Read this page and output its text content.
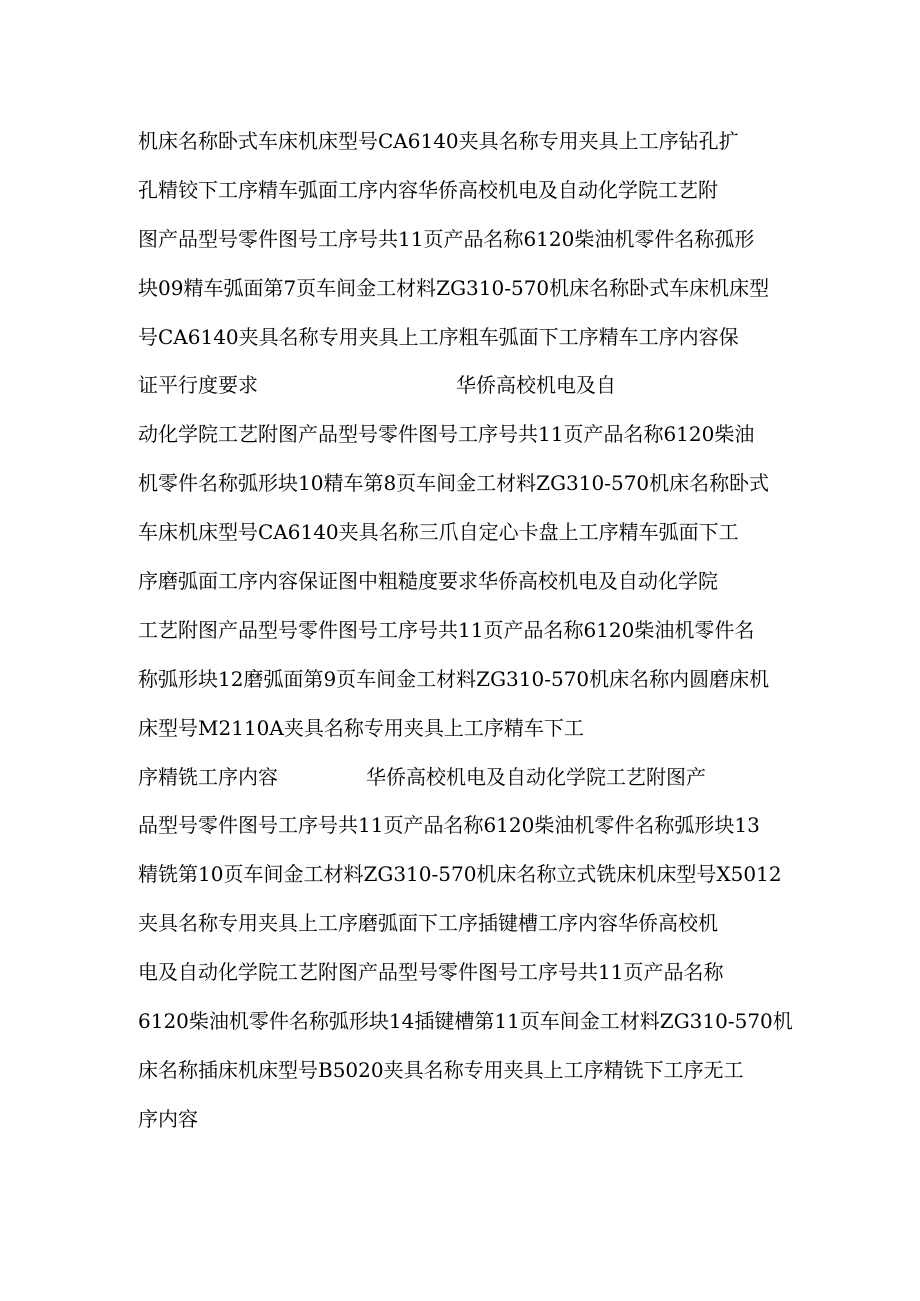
机床名称卧式车床机床型号CA6140夹具名称专用夹具上工序钻孔扩
孔精铰下工序精车弧面工序内容华侨高校机电及自动化学院工艺附
图产品型号零件图号工序号共11页产品名称6120柴油机零件名称孤形
块09精车弧面第7页车间金工材料ZG310-570机床名称卧式车床机床型
号CA6140夹具名称专用夹具上工序粗车弧面下工序精车工序内容保
证平行度要求	华侨高校机电及自
动化学院工艺附图产品型号零件图号工序号共11页产品名称6120柴油
机零件名称弧形块10精车第8页车间金工材料ZG310-570机床名称卧式
车床机床型号CA6140夹具名称三爪自定心卡盘上工序精车弧面下工
序磨弧面工序内容保证图中粗糙度要求华侨高校机电及自动化学院
工艺附图产品型号零件图号工序号共11页产品名称6120柴油机零件名
称弧形块12磨弧面第9页车间金工材料ZG310-570机床名称内圆磨床机
床型号M2110A夹具名称专用夹具上工序精车下工
序精铣工序内容	华侨高校机电及自动化学院工艺附图产
品型号零件图号工序号共11页产品名称6120柴油机零件名称弧形块13
精铣第10页车间金工材料ZG310-570机床名称立式铣床机床型号X5012
夹具名称专用夹具上工序磨弧面下工序插键槽工序内容华侨高校机
电及自动化学院工艺附图产品型号零件图号工序号共11页产品名称
6120柴油机零件名称弧形块14插键槽第11页车间金工材料ZG310-570机
床名称插床机床型号B5020夹具名称专用夹具上工序精铣下工序无工
序内容
